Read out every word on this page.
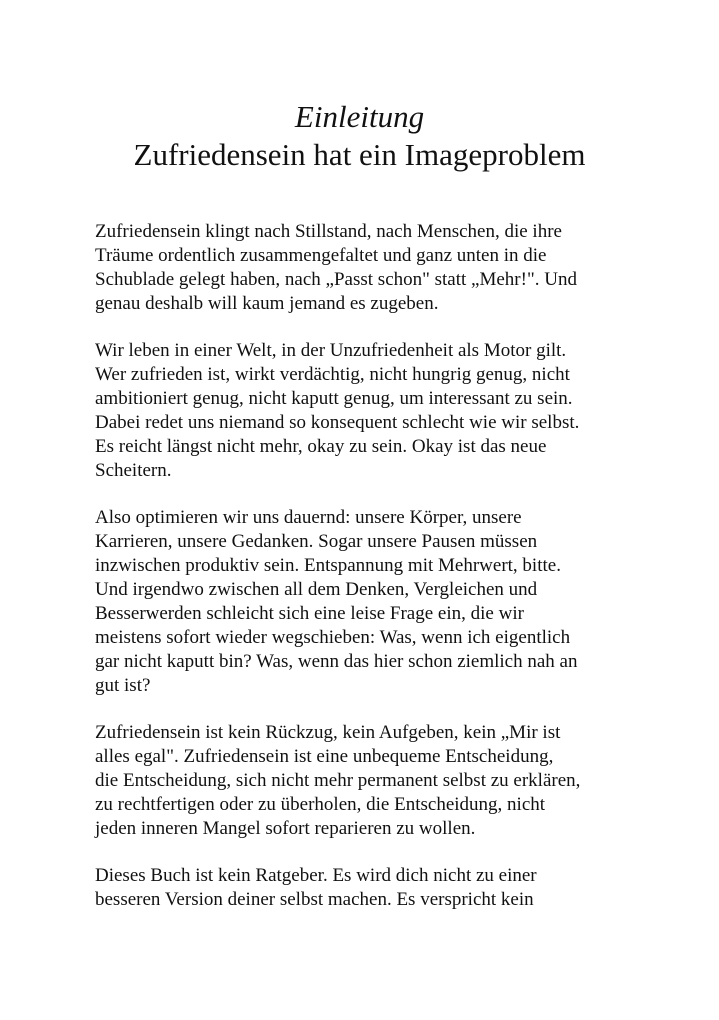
Einleitung
Zufriedensein hat ein Imageproblem

Zufriedensein klingt nach Stillstand, nach Menschen, die ihre
Träume ordentlich zusammengefaltet und ganz unten in die
Schublade gelegt haben, nach „Passt schon" statt „Mehr!". Und
genau deshalb will kaum jemand es zugeben.

Wir leben in einer Welt, in der Unzufriedenheit als Motor gilt.
Wer zufrieden ist, wirkt verdächtig, nicht hungrig genug, nicht
ambitioniert genug, nicht kaputt genug, um interessant zu sein.
Dabei redet uns niemand so konsequent schlecht wie wir selbst.
Es reicht längst nicht mehr, okay zu sein. Okay ist das neue
Scheitern.

Also optimieren wir uns dauernd: unsere Körper, unsere
Karrieren, unsere Gedanken. Sogar unsere Pausen müssen
inzwischen produktiv sein. Entspannung mit Mehrwert, bitte.
Und irgendwo zwischen all dem Denken, Vergleichen und
Besserwerden schleicht sich eine leise Frage ein, die wir
meistens sofort wieder wegschieben: Was, wenn ich eigentlich
gar nicht kaputt bin? Was, wenn das hier schon ziemlich nah an
gut ist?

Zufriedensein ist kein Rückzug, kein Aufgeben, kein „Mir ist
alles egal". Zufriedensein ist eine unbequeme Entscheidung,
die Entscheidung, sich nicht mehr permanent selbst zu erklären,
zu rechtfertigen oder zu überholen, die Entscheidung, nicht
jeden inneren Mangel sofort reparieren zu wollen.

Dieses Buch ist kein Ratgeber. Es wird dich nicht zu einer
besseren Version deiner selbst machen. Es verspricht kein
